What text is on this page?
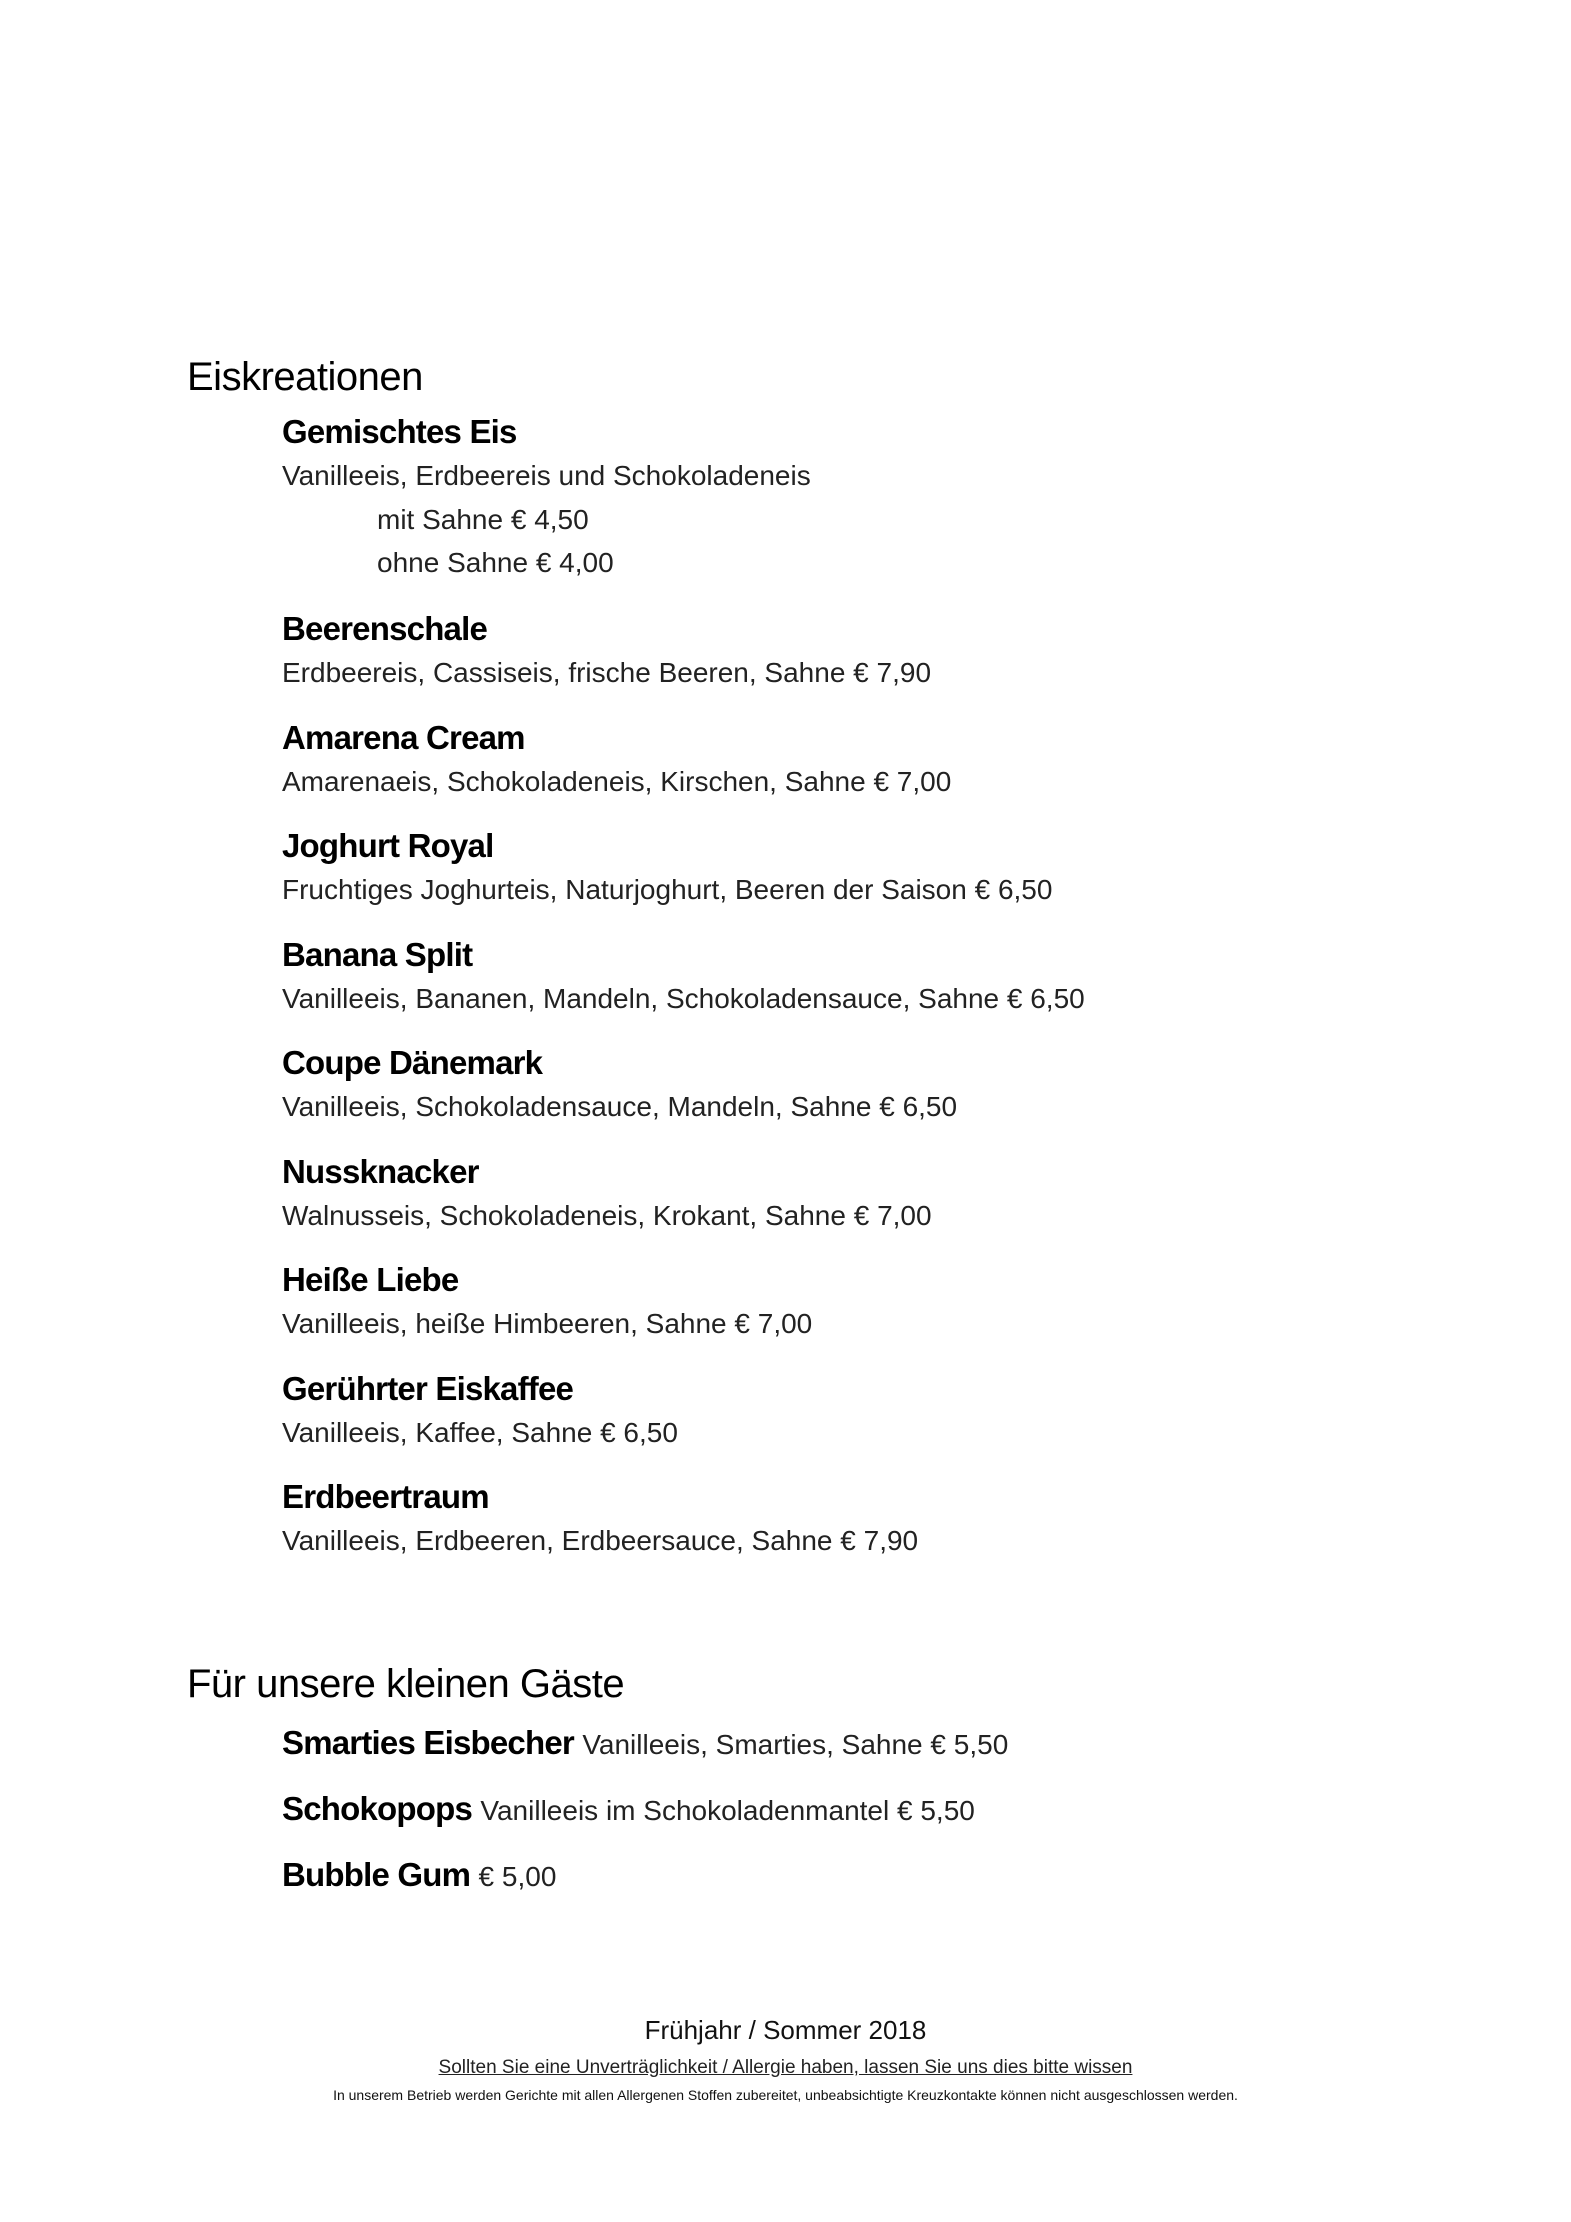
Eiskreationen
Gemischtes Eis
Vanilleeis, Erdbeereis und Schokoladeneis
mit Sahne € 4,50
ohne Sahne € 4,00
Beerenschale
Erdbeereis, Cassiseis, frische Beeren, Sahne € 7,90
Amarena Cream
Amarenaeis, Schokoladeneis, Kirschen, Sahne € 7,00
Joghurt Royal
Fruchtiges Joghurteis, Naturjoghurt, Beeren der Saison € 6,50
Banana Split
Vanilleeis, Bananen, Mandeln, Schokoladensauce, Sahne € 6,50
Coupe Dänemark
Vanilleeis, Schokoladensauce, Mandeln, Sahne € 6,50
Nussknacker
Walnusseis, Schokoladeneis, Krokant, Sahne € 7,00
Heiße Liebe
Vanilleeis, heiße Himbeeren, Sahne € 7,00
Gerührter Eiskaffee
Vanilleeis, Kaffee, Sahne € 6,50
Erdbeertraum
Vanilleeis, Erdbeeren, Erdbeersauce, Sahne € 7,90
Für unsere kleinen Gäste
Smarties Eisbecher Vanilleeis, Smarties, Sahne € 5,50
Schokopops Vanilleeis im Schokoladenmantel € 5,50
Bubble Gum € 5,00
Frühjahr / Sommer 2018
Sollten Sie eine Unverträglichkeit / Allergie haben, lassen Sie uns dies bitte wissen
In unserem Betrieb werden Gerichte mit allen Allergenen Stoffen zubereitet, unbeabsichtigte Kreuzkontakte können nicht ausgeschlossen werden.
